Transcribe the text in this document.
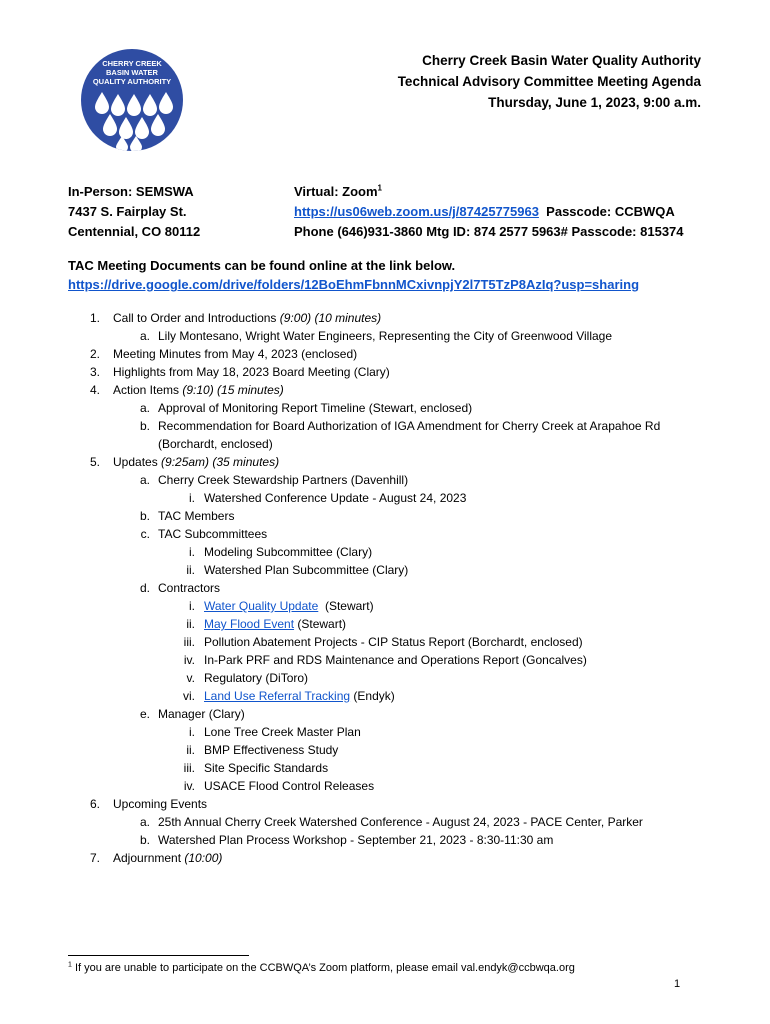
CHERRY CREEK
BASIN WATER
QUALITY AUTHORITY
Cherry Creek Basin Water Quality Authority
Technical Advisory Committee Meeting Agenda
Thursday, June 1, 2023, 9:00 a.m.
In-Person: SEMSWA
7437 S. Fairplay St.
Centennial, CO 80112
Virtual: Zoom$^1$
https://us06web.zoom.us/j/87425775963 Passcode: CCBWQA
Phone (646)931-3860 Mtg ID: 874 2577 5963# Passcode: 815374
TAC Meeting Documents can be found online at the link below.
https://drive.google.com/drive/folders/12BoEhmFbnnMCxivnpjY2l7T5TzP8AzIq?usp=sharing
1. Call to Order and Introductions (9:00) (10 minutes)
a. Lily Montesano, Wright Water Engineers, Representing the City of Greenwood Village
2. Meeting Minutes from May 4, 2023 (enclosed)
3. Highlights from May 18, 2023 Board Meeting (Clary)
4. Action Items (9:10) (15 minutes)
a. Approval of Monitoring Report Timeline (Stewart, enclosed)
b. Recommendation for Board Authorization of IGA Amendment for Cherry Creek at Arapahoe Rd
(Borchardt, enclosed)
5. Updates (9:25am) (35 minutes)
a. Cherry Creek Stewardship Partners (Davenhill)
i. Watershed Conference Update - August 24, 2023
b. TAC Members
c. TAC Subcommittees
i. Modeling Subcommittee (Clary)
ii. Watershed Plan Subcommittee (Clary)
d. Contractors
i. Water Quality Update  (Stewart)
ii. May Flood Event (Stewart)
iii. Pollution Abatement Projects - CIP Status Report (Borchardt, enclosed)
iv. In-Park PRF and RDS Maintenance and Operations Report (Goncalves)
v. Regulatory (DiToro)
vi. Land Use Referral Tracking (Endyk)
e. Manager (Clary)
i. Lone Tree Creek Master Plan
ii. BMP Effectiveness Study
iii. Site Specific Standards
iv. USACE Flood Control Releases
6. Upcoming Events
a. 25th Annual Cherry Creek Watershed Conference - August 24, 2023 - PACE Center, Parker
b. Watershed Plan Process Workshop - September 21, 2023 - 8:30-11:30 am
7. Adjournment (10:00)
$^1$ If you are unable to participate on the CCBWQA’s Zoom platform, please email val.endyk@ccbwqa.org
1
